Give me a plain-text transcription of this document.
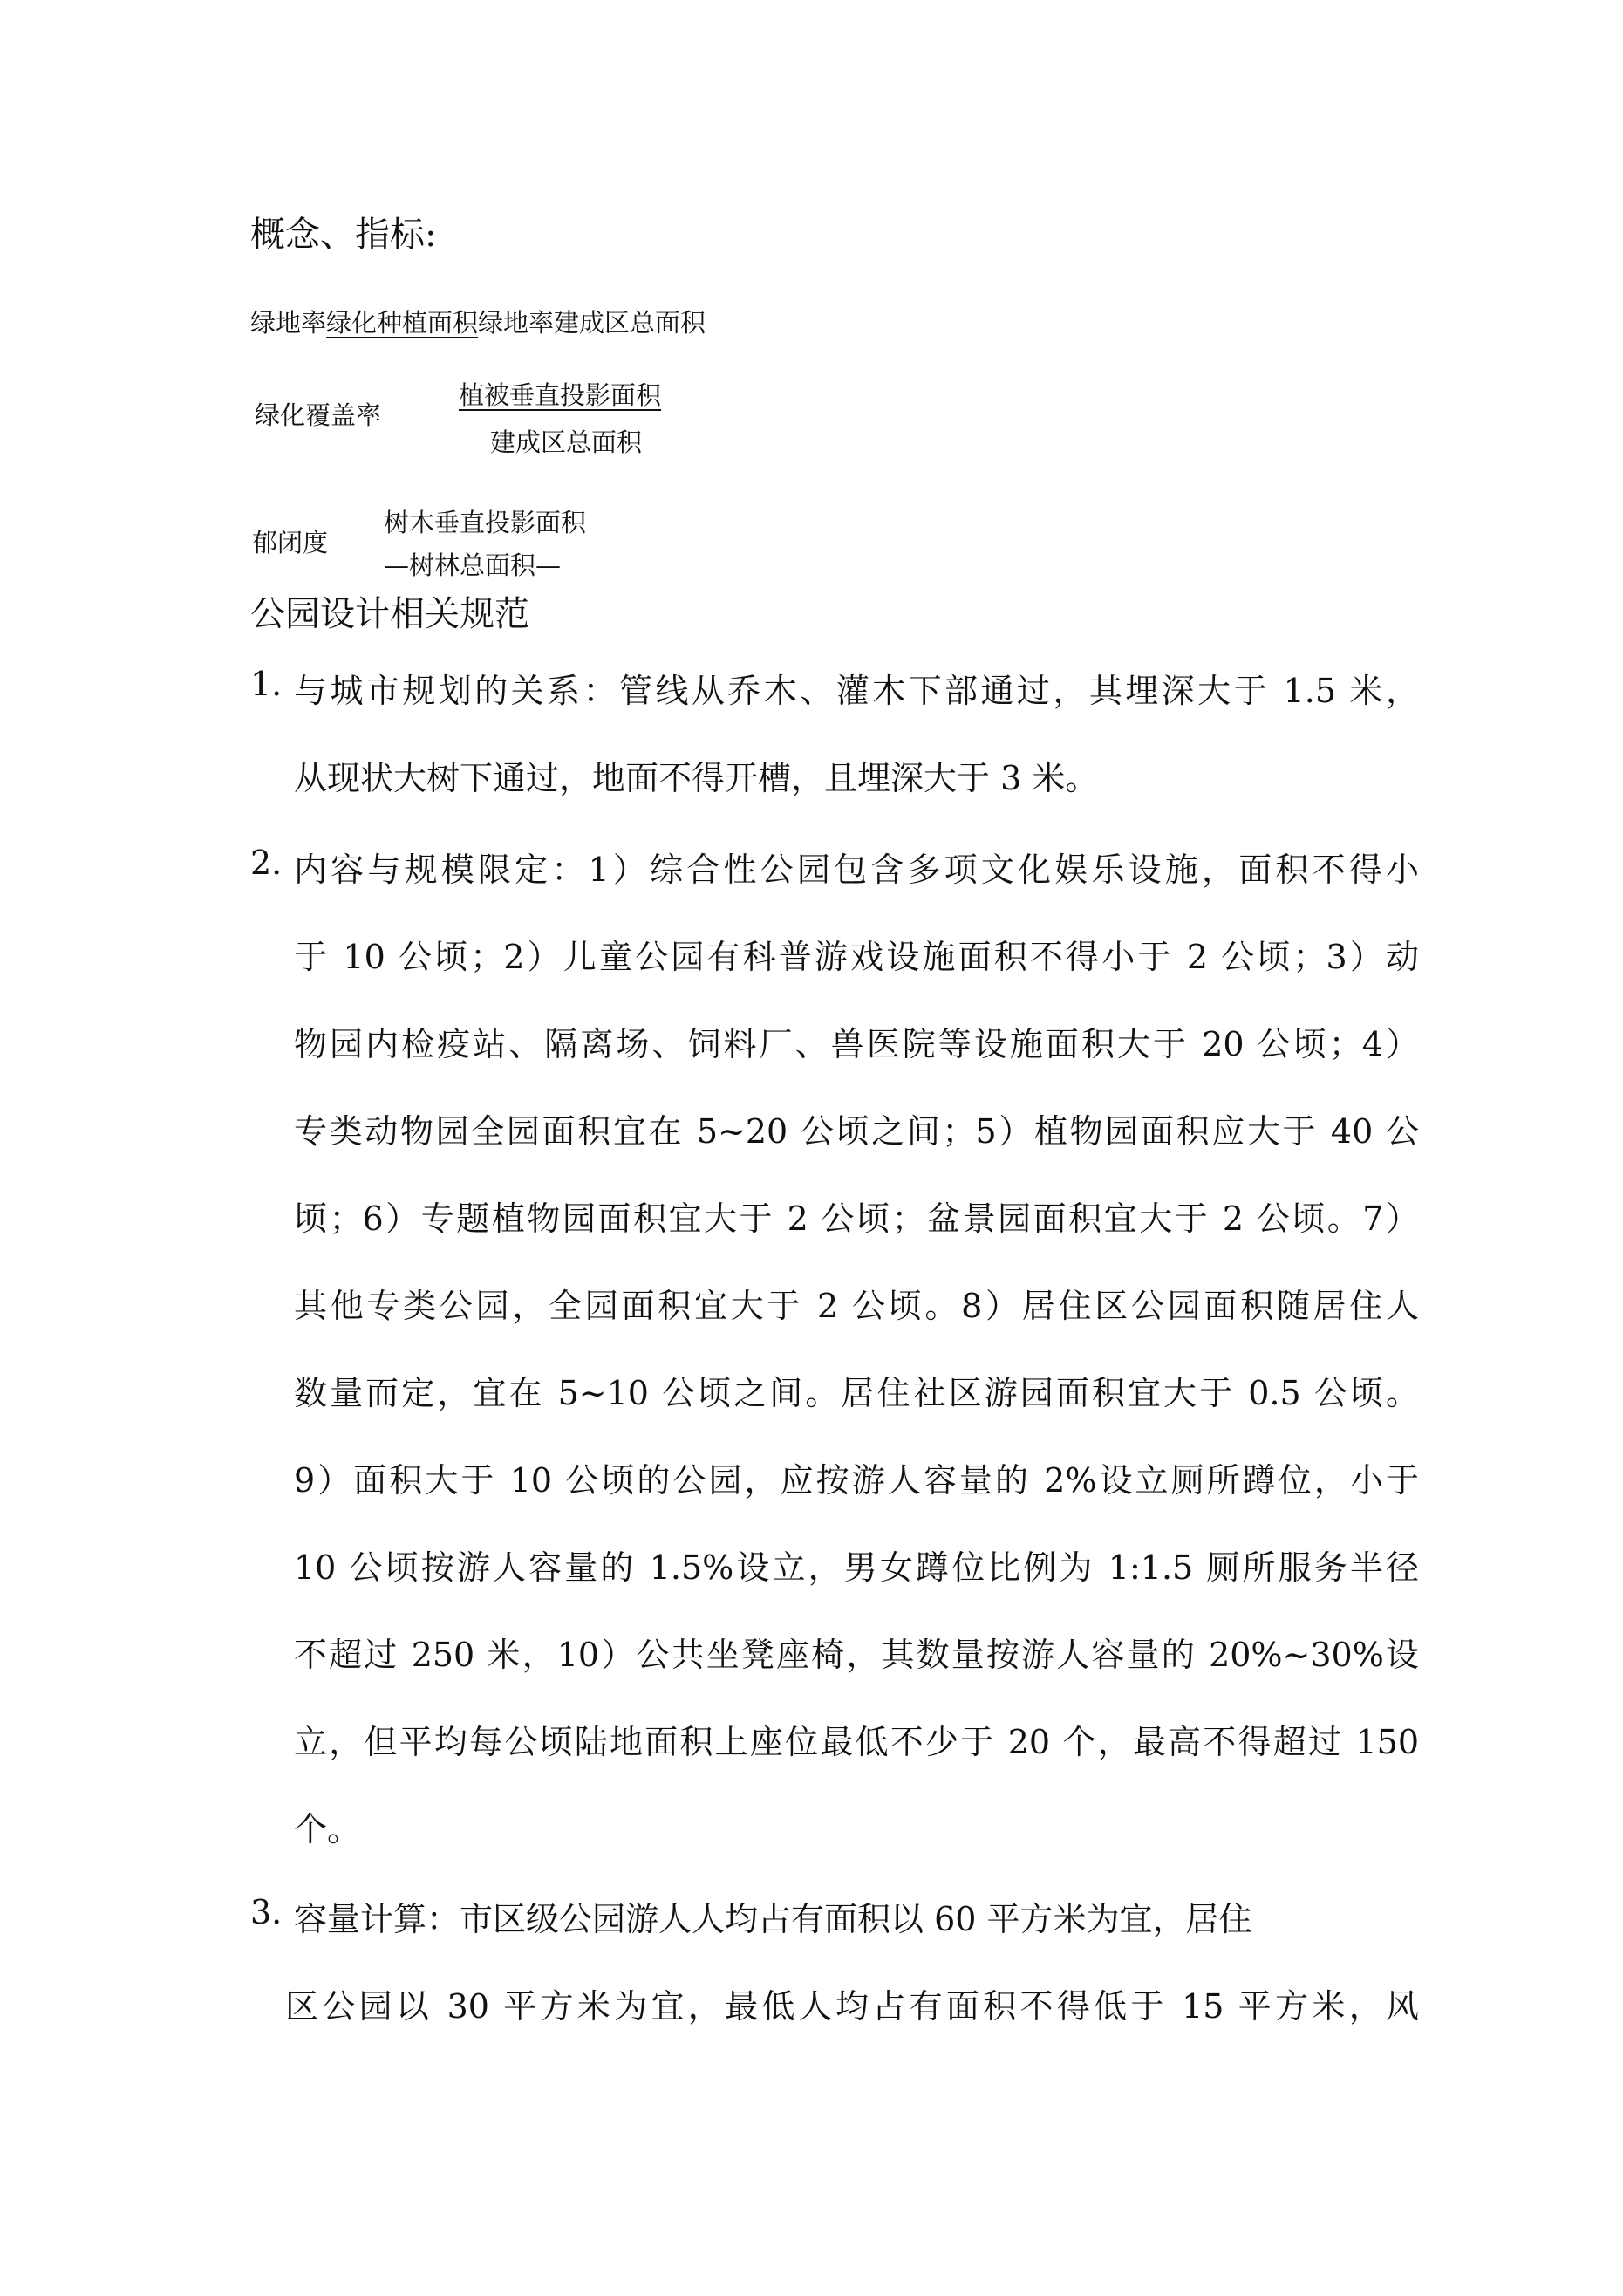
概念、指标:
绿地率绿化种植面积绿地率建成区总面积
绿化覆盖率
植被垂直投影面积
建成区总面积
郁闭度
树木垂直投影面积
—树林总面积—
公园设计相关规范
1. 与城市规划的关系：管线从乔木、灌木下部通过，其埋深大于 1.5 米，
从现状大树下通过，地面不得开槽，且埋深大于 3 米。
2. 内容与规模限定：1）综合性公园包含多项文化娱乐设施，面积不得小
于 10 公顷；2）儿童公园有科普游戏设施面积不得小于 2 公顷；3）动
物园内检疫站、隔离场、饲料厂、兽医院等设施面积大于 20 公顷；4）
专类动物园全园面积宜在 5~20 公顷之间；5）植物园面积应大于 40 公
顷；6）专题植物园面积宜大于 2 公顷；盆景园面积宜大于 2 公顷。7）
其他专类公园，全园面积宜大于 2 公顷。8）居住区公园面积随居住人
数量而定，宜在 5~10 公顷之间。居住社区游园面积宜大于 0.5 公顷。
9）面积大于 10 公顷的公园，应按游人容量的 2%设立厕所蹲位，小于
10 公顷按游人容量的 1.5%设立，男女蹲位比例为 1:1.5 厕所服务半径
不超过 250 米，10）公共坐凳座椅，其数量按游人容量的 20%~30%设
立，但平均每公顷陆地面积上座位最低不少于 20 个，最高不得超过 150
个。
3. 容量计算：市区级公园游人人均占有面积以 60 平方米为宜，居住
区公园以 30 平方米为宜，最低人均占有面积不得低于 15 平方米，风
